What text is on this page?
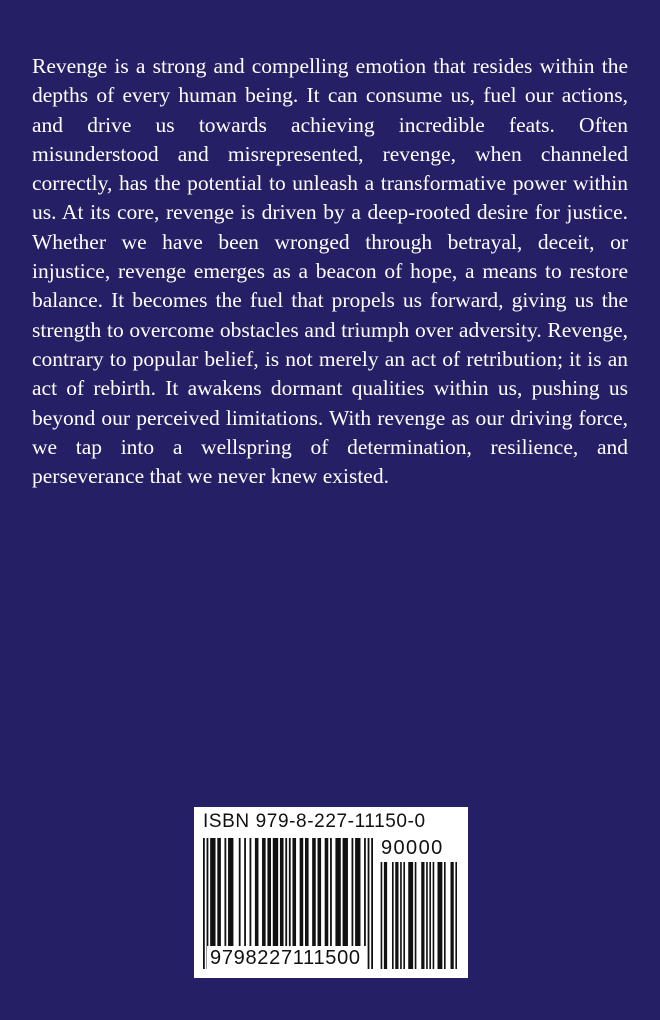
Revenge is a strong and compelling emotion that resides within the depths of every human being. It can consume us, fuel our actions, and drive us towards achieving incredible feats. Often misunderstood and misrepresented, revenge, when channeled correctly, has the potential to unleash a transformative power within us. At its core, revenge is driven by a deep-rooted desire for justice. Whether we have been wronged through betrayal, deceit, or injustice, revenge emerges as a beacon of hope, a means to restore balance. It becomes the fuel that propels us forward, giving us the strength to overcome obstacles and triumph over adversity. Revenge, contrary to popular belief, is not merely an act of retribution; it is an act of rebirth. It awakens dormant qualities within us, pushing us beyond our perceived limitations. With revenge as our driving force, we tap into a wellspring of determination, resilience, and perseverance that we never knew existed.

ISBN 979-8-227-11150-0
90000
9798227111500
